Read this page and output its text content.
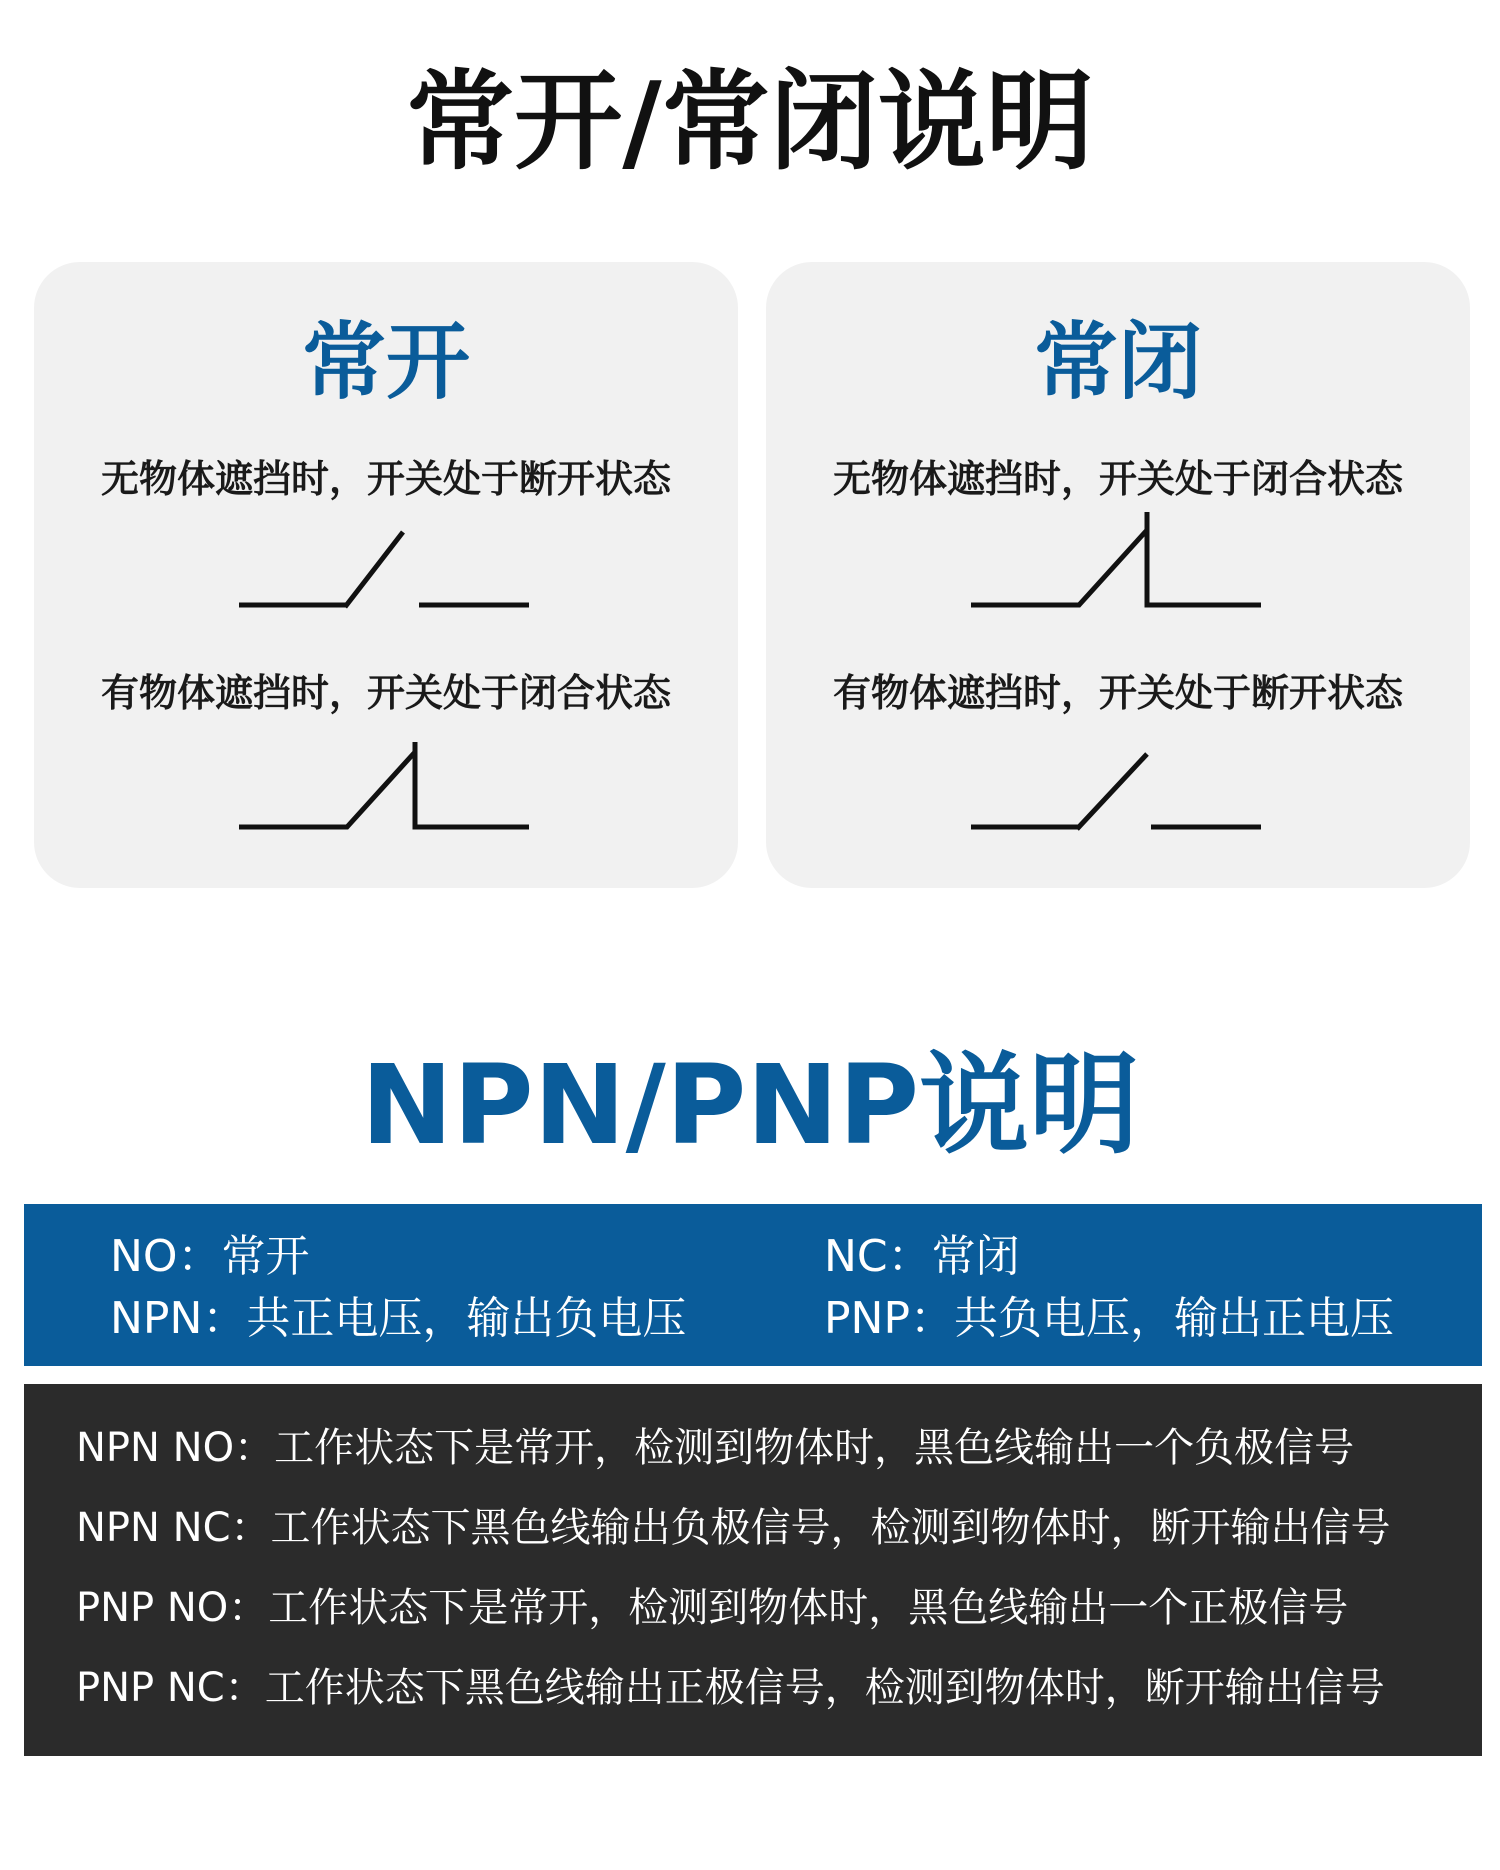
常开/常闭说明
常开
无物体遮挡时，开关处于断开状态
有物体遮挡时，开关处于闭合状态
常闭
无物体遮挡时，开关处于闭合状态
有物体遮挡时，开关处于断开状态
NPN/PNP说明
NO：常开
NPN：共正电压，输出负电压
NC：常闭
PNP：共负电压，输出正电压
NPN NO：工作状态下是常开，检测到物体时，黑色线输出一个负极信号
NPN NC：工作状态下黑色线输出负极信号，检测到物体时，断开输出信号
PNP NO：工作状态下是常开，检测到物体时，黑色线输出一个正极信号
PNP NC：工作状态下黑色线输出正极信号，检测到物体时，断开输出信号
